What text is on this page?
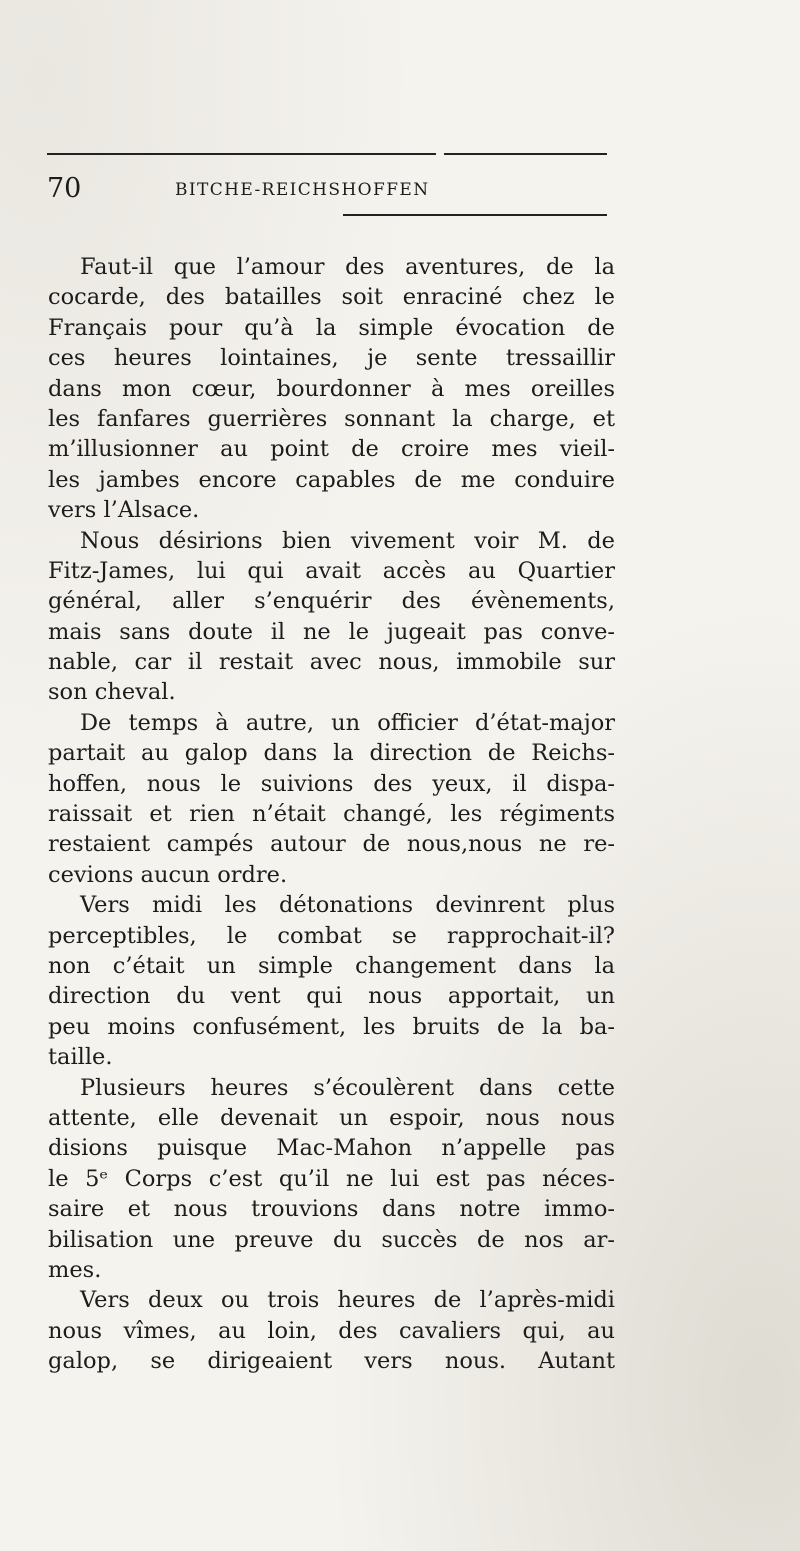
70	BITCHE-REICHSHOFFEN
Faut-il que l’amour des aventures, de la
cocarde, des batailles soit enraciné chez le
Français pour qu’à la simple évocation de
ces heures lointaines, je sente tressaillir
dans mon cœur, bourdonner à mes oreilles
les fanfares guerrières sonnant la charge, et
m’illusionner au point de croire mes vieil-
les jambes encore capables de me conduire
vers l’Alsace.
Nous désirions bien vivement voir M. de
Fitz-James, lui qui avait accès au Quartier
général, aller s’enquérir des évènements,
mais sans doute il ne le jugeait pas conve-
nable, car il restait avec nous, immobile sur
son cheval.
De temps à autre, un officier d’état-major
partait au galop dans la direction de Reichs-
hoffen, nous le suivions des yeux, il dispa-
raissait et rien n’était changé, les régiments
restaient campés autour de nous,nous ne re-
cevions aucun ordre.
Vers midi les détonations devinrent plus
perceptibles, le combat se rapprochait-il?
non c’était un simple changement dans la
direction du vent qui nous apportait, un
peu moins confusément, les bruits de la ba-
taille.
Plusieurs heures s’écoulèrent dans cette
attente, elle devenait un espoir, nous nous
disions puisque Mac-Mahon n’appelle pas
le 5ᵉ Corps c’est qu’il ne lui est pas néces-
saire et nous trouvions dans notre immo-
bilisation une preuve du succès de nos ar-
mes.
Vers deux ou trois heures de l’après-midi
nous vîmes, au loin, des cavaliers qui, au
galop, se dirigeaient vers nous. Autant
